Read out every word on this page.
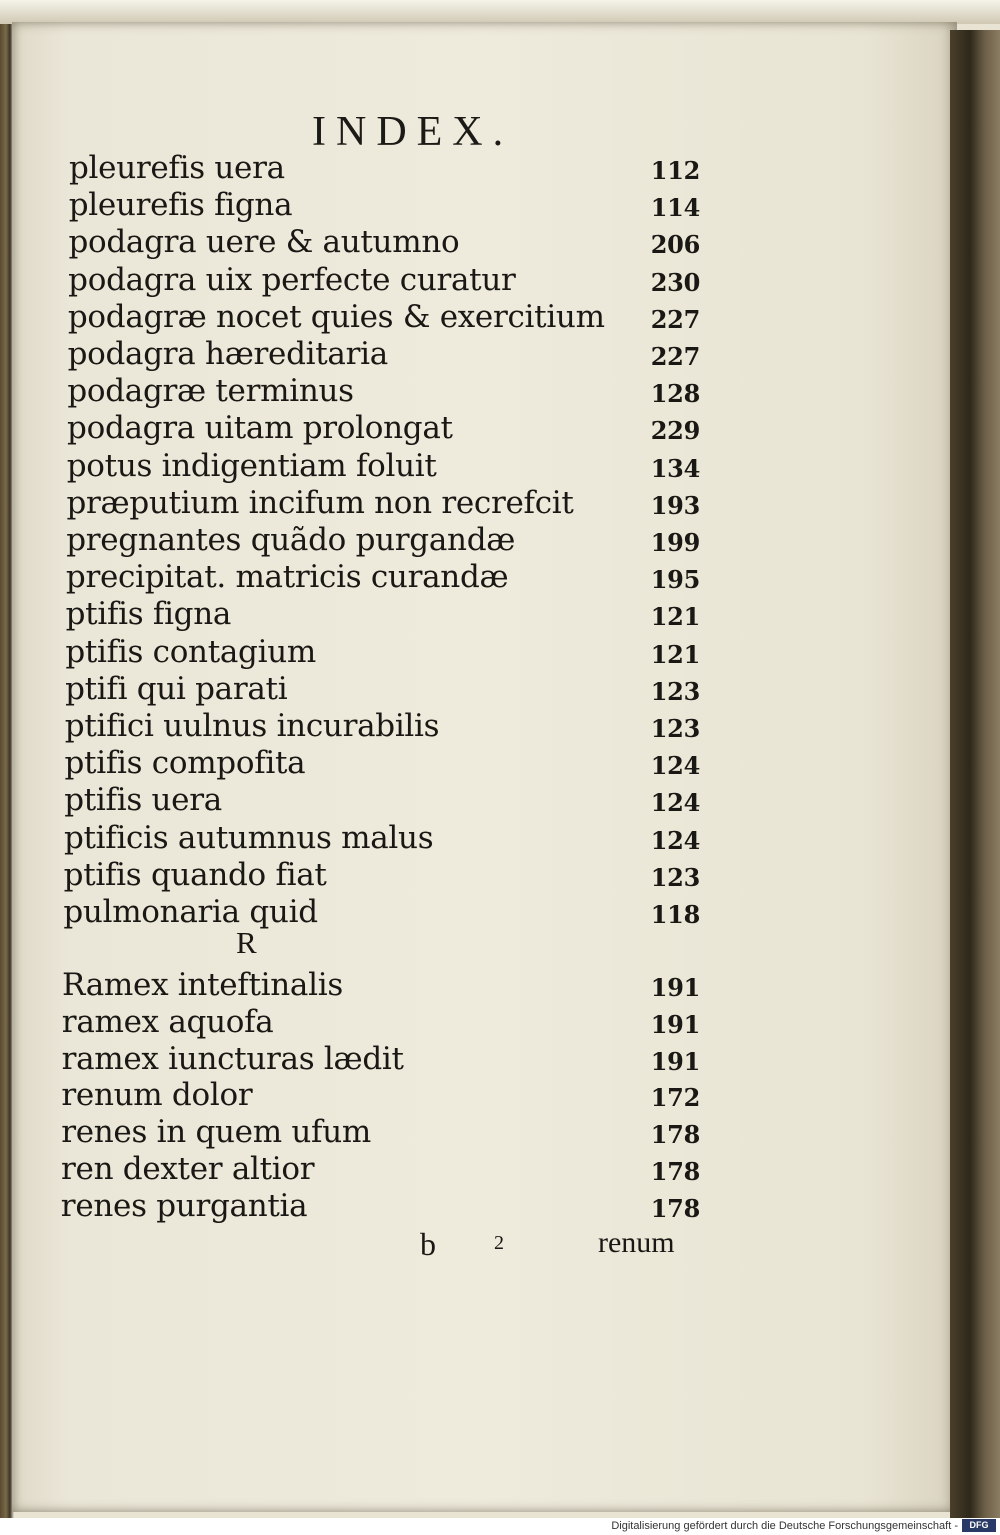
INDEX.
pleurefis uera	112
pleurefis figna	114
podagra uere & autumno	206
podagra uix perfecte curatur	230
podagræ nocet quies & exercitium	227
podagra hæreditaria	227
podagræ terminus	128
podagra uitam prolongat	229
potus indigentiam foluit	134
præputium incifum non recrefcit	193
pregnantes quãdo purgandæ	199
precipitat. matricis curandæ	195
ptifis figna	121
ptifis contagium	121
ptifi qui parati	123
ptifici uulnus incurabilis	123
ptifis compofita	124
ptifis uera	124
ptificis autumnus malus	124
ptifis quando fiat	123
pulmonaria quid	118
Ramex inteftinalis	191
ramex aquofa	191
ramex iuncturas lædit	191
renum dolor	172
renes in quem ufum	178
ren dexter altior	178
renes purgantia	178
R
b	2	renum
Digitalisierung gefördert durch die Deutsche Forschungsgemeinschaft -	DFG
